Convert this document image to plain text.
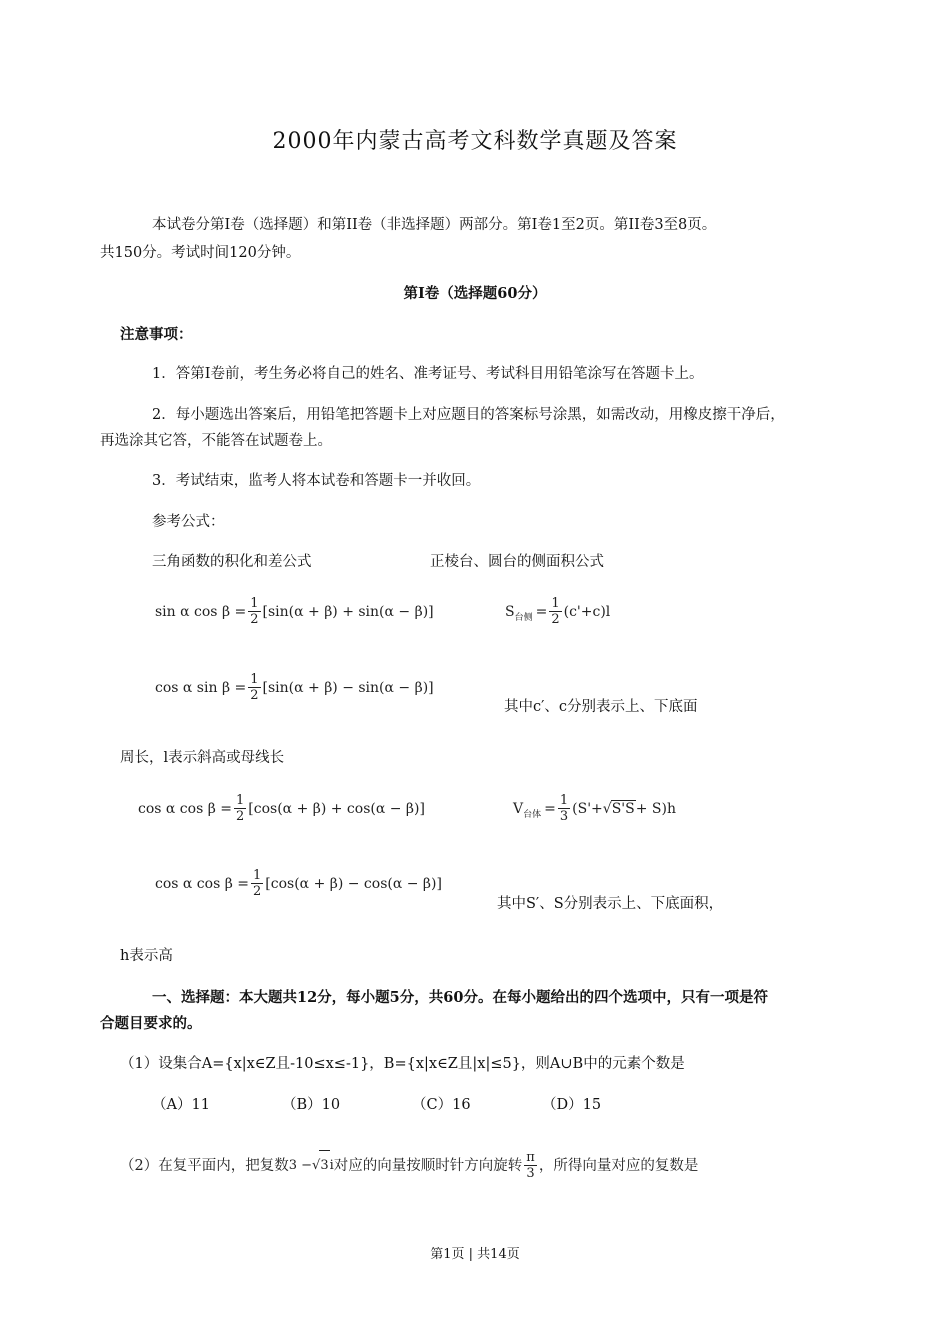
2000年内蒙古高考文科数学真题及答案
本试卷分第Ⅰ卷（选择题）和第II卷（非选择题）两部分。第Ⅰ卷1至2页。第II卷3至8页。
共150分。考试时间120分钟。
第Ⅰ卷（选择题60分）
注意事项：
1．答第Ⅰ卷前，考生务必将自己的姓名、准考证号、考试科目用铅笔涂写在答题卡上。
2．每小题选出答案后，用铅笔把答题卡上对应题目的答案标号涂黑，如需改动，用橡皮擦干净后，
再选涂其它答，不能答在试题卷上。
3．考试结束，监考人将本试卷和答题卡一并收回。
参考公式：
三角函数的积化和差公式	正棱台、圆台的侧面积公式
sin α $\cos \beta = \frac{1}{2} [\sin(\alpha + \beta) + \sin(\alpha - \beta)]$	S 台侧 = $\frac{1}{2} (c'+c)l$
cos α $\sin \beta = \frac{1}{2} [\sin(\alpha + \beta) - \sin(\alpha - \beta)]$
其中c′、c分别表示上、下底面
周长，l表示斜高或母线长
cos α $\cos \beta = \frac{1}{2} [\cos(\alpha + \beta) + \cos(\alpha - \beta)]$	V 台体 = $\frac{1}{3} (S'+$ √ S'S + S)h
cos α $\cos \beta = \frac{1}{2} [\cos(\alpha + \beta) - \cos(\alpha - \beta)]$
其中S′、S分别表示上、下底面积，
h表示高
一、选择题：本大题共12分，每小题5分，共60分。在每小题给出的四个选项中，只有一项是符
合题目要求的。
（1）设集合A={x|x∈Z且-10≤x≤-1}，B={x|x∈Z且|x|≤5}，则A∪B中的元素个数是
（A）11	（B）10	（C）16	（D）15
（2）在复平面内，把复数 3 − √ 3 i 对应的向量按顺时针方向旋转 $\frac{\pi}{3}$ ，所得向量对应的复数是
第1页 | 共14页
